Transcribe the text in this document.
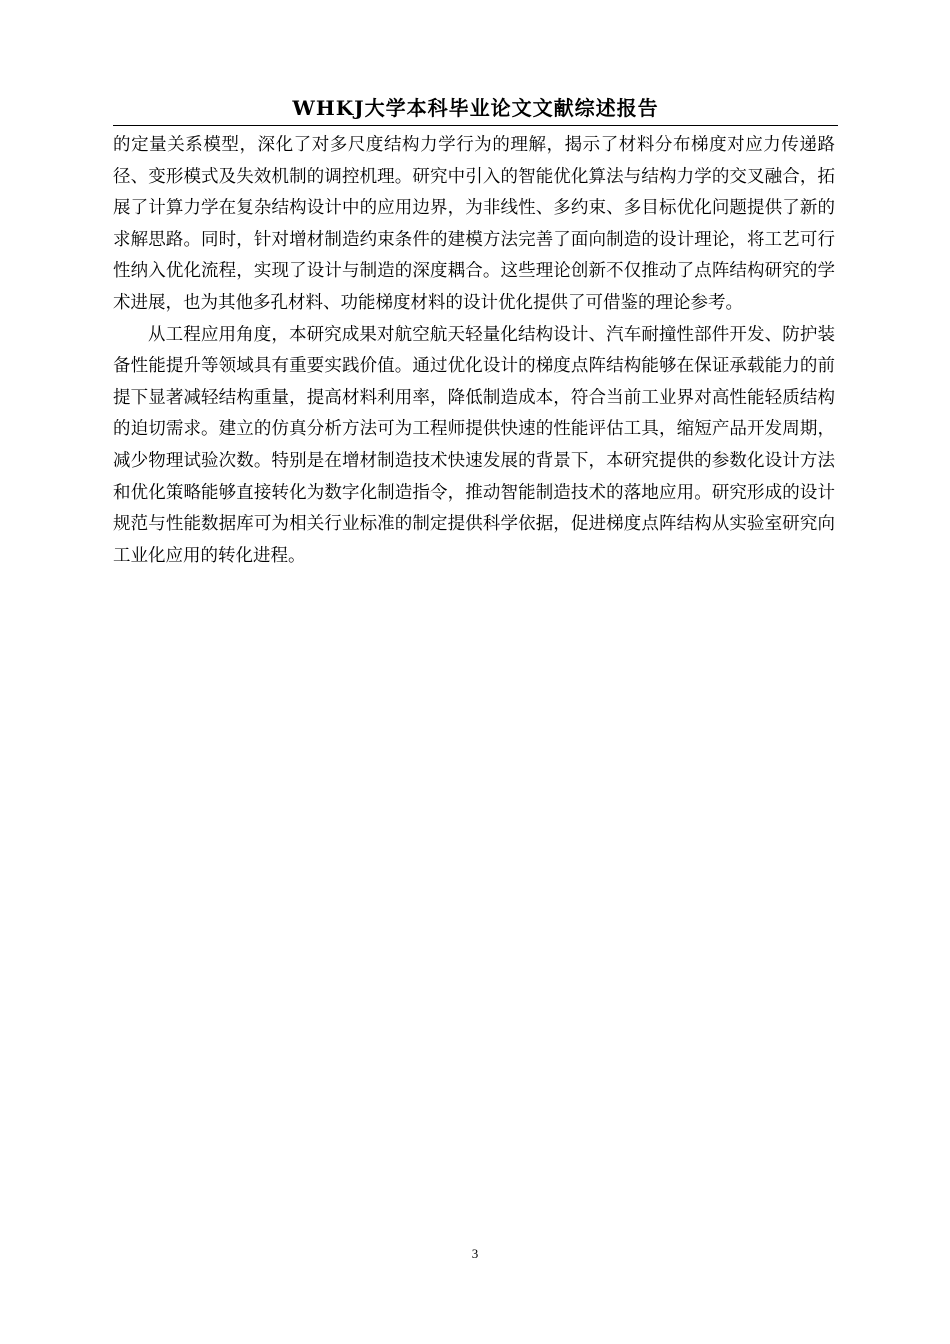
WHKJ大学本科毕业论文文献综述报告

的定量关系模型，深化了对多尺度结构力学行为的理解，揭示了材料分布梯度对应力传递路径、变形模式及失效机制的调控机理。研究中引入的智能优化算法与结构力学的交叉融合，拓展了计算力学在复杂结构设计中的应用边界，为非线性、多约束、多目标优化问题提供了新的求解思路。同时，针对增材制造约束条件的建模方法完善了面向制造的设计理论，将工艺可行性纳入优化流程，实现了设计与制造的深度耦合。这些理论创新不仅推动了点阵结构研究的学术进展，也为其他多孔材料、功能梯度材料的设计优化提供了可借鉴的理论参考。

从工程应用角度，本研究成果对航空航天轻量化结构设计、汽车耐撞性部件开发、防护装备性能提升等领域具有重要实践价值。通过优化设计的梯度点阵结构能够在保证承载能力的前提下显著减轻结构重量，提高材料利用率，降低制造成本，符合当前工业界对高性能轻质结构的迫切需求。建立的仿真分析方法可为工程师提供快速的性能评估工具，缩短产品开发周期，减少物理试验次数。特别是在增材制造技术快速发展的背景下，本研究提供的参数化设计方法和优化策略能够直接转化为数字化制造指令，推动智能制造技术的落地应用。研究形成的设计规范与性能数据库可为相关行业标准的制定提供科学依据，促进梯度点阵结构从实验室研究向工业化应用的转化进程。

3
